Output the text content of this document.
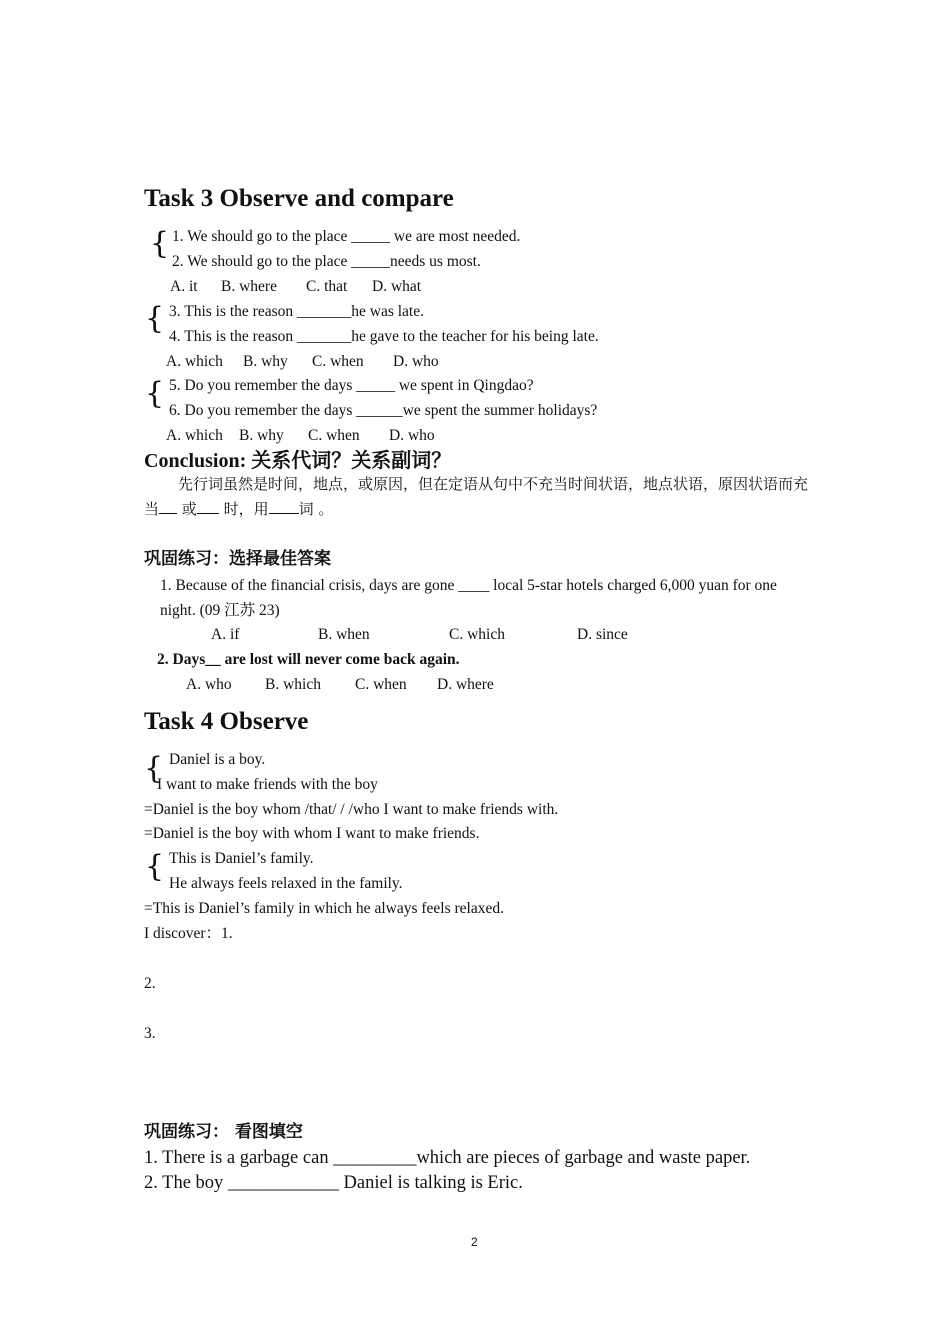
Task 3 Observe and compare
{ 1. We should go to the place _____ we are most needed.
2. We should go to the place _____needs us most.
A. it B. where C. that D. what
{ 3. This is the reason _______he was late.
4. This is the reason _______he gave to the teacher for his being late.
A. which B. why C. when D. who
{ 5. Do you remember the days _____ we spent in Qingdao?
6. Do you remember the days ______we spent the summer holidays?
A. which B. why C. when D. who
Conclusion: 关系代词？关系副词？
先行词虽然是时间，地点，或原因，但在定语从句中不充当时间状语，地点状语，原因状语而充当 或 时，用 词 。
巩固练习：选择最佳答案
1. Because of the financial crisis, days are gone ____ local 5-star hotels charged 6,000 yuan for one night. (09 江苏 23)
A. if	B. when	C. which	D. since
2. Days__ are lost will never come back again.
A. who B. which C. when D. where
Task 4 Observe
{ Daniel is a boy.
I want to make friends with the boy
=Daniel is the boy whom /that/ / /who I want to make friends with.
=Daniel is the boy with whom I want to make friends.
{ This is Daniel’s family.
He always feels relaxed in the family.
=This is Daniel’s family in which he always feels relaxed.
I discover：1.
2.
3.
巩固练习： 看图填空
1. There is a garbage can _________which are pieces of garbage and waste paper.
2. The boy ____________ Daniel is talking is Eric.
2
